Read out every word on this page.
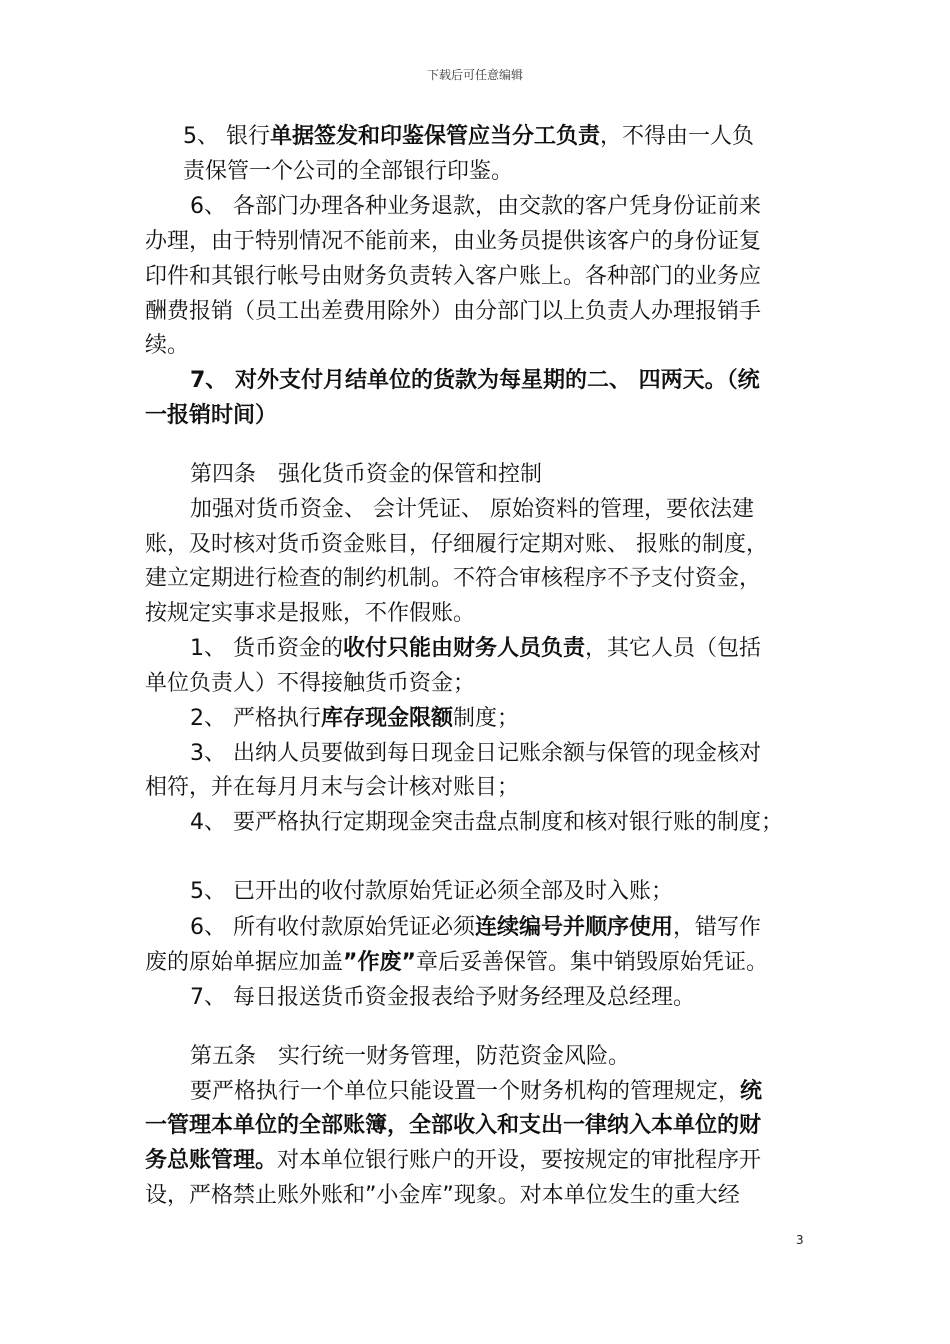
下载后可任意编辑
5、 银行单据签发和印鉴保管应当分工负责，不得由一人负
责保管一个公司的全部银行印鉴。
6、 各部门办理各种业务退款，由交款的客户凭身份证前来
办理，由于特别情况不能前来，由业务员提供该客户的身份证复
印件和其银行帐号由财务负责转入客户账上。各种部门的业务应
酬费报销（员工出差费用除外）由分部门以上负责人办理报销手
续。
7、 对外支付月结单位的货款为每星期的二、 四两天。（统
一报销时间）
第四条　强化货币资金的保管和控制
加强对货币资金、 会计凭证、 原始资料的管理，要依法建
账，及时核对货币资金账目，仔细履行定期对账、 报账的制度，
建立定期进行检查的制约机制。不符合审核程序不予支付资金，
按规定实事求是报账，不作假账。
1、 货币资金的收付只能由财务人员负责，其它人员（包括
单位负责人）不得接触货币资金；
2、 严格执行库存现金限额制度；
3、 出纳人员要做到每日现金日记账余额与保管的现金核对
相符，并在每月月末与会计核对账目；
4、 要严格执行定期现金突击盘点制度和核对银行账的制度；
5、 已开出的收付款原始凭证必须全部及时入账；
6、 所有收付款原始凭证必须连续编号并顺序使用，错写作
废的原始单据应加盖”作废”章后妥善保管。集中销毁原始凭证。
7、 每日报送货币资金报表给予财务经理及总经理。
第五条　实行统一财务管理，防范资金风险。
要严格执行一个单位只能设置一个财务机构的管理规定，统
一管理本单位的全部账簿，全部收入和支出一律纳入本单位的财
务总账管理。对本单位银行账户的开设，要按规定的审批程序开
设，严格禁止账外账和”小金库”现象。对本单位发生的重大经
3
